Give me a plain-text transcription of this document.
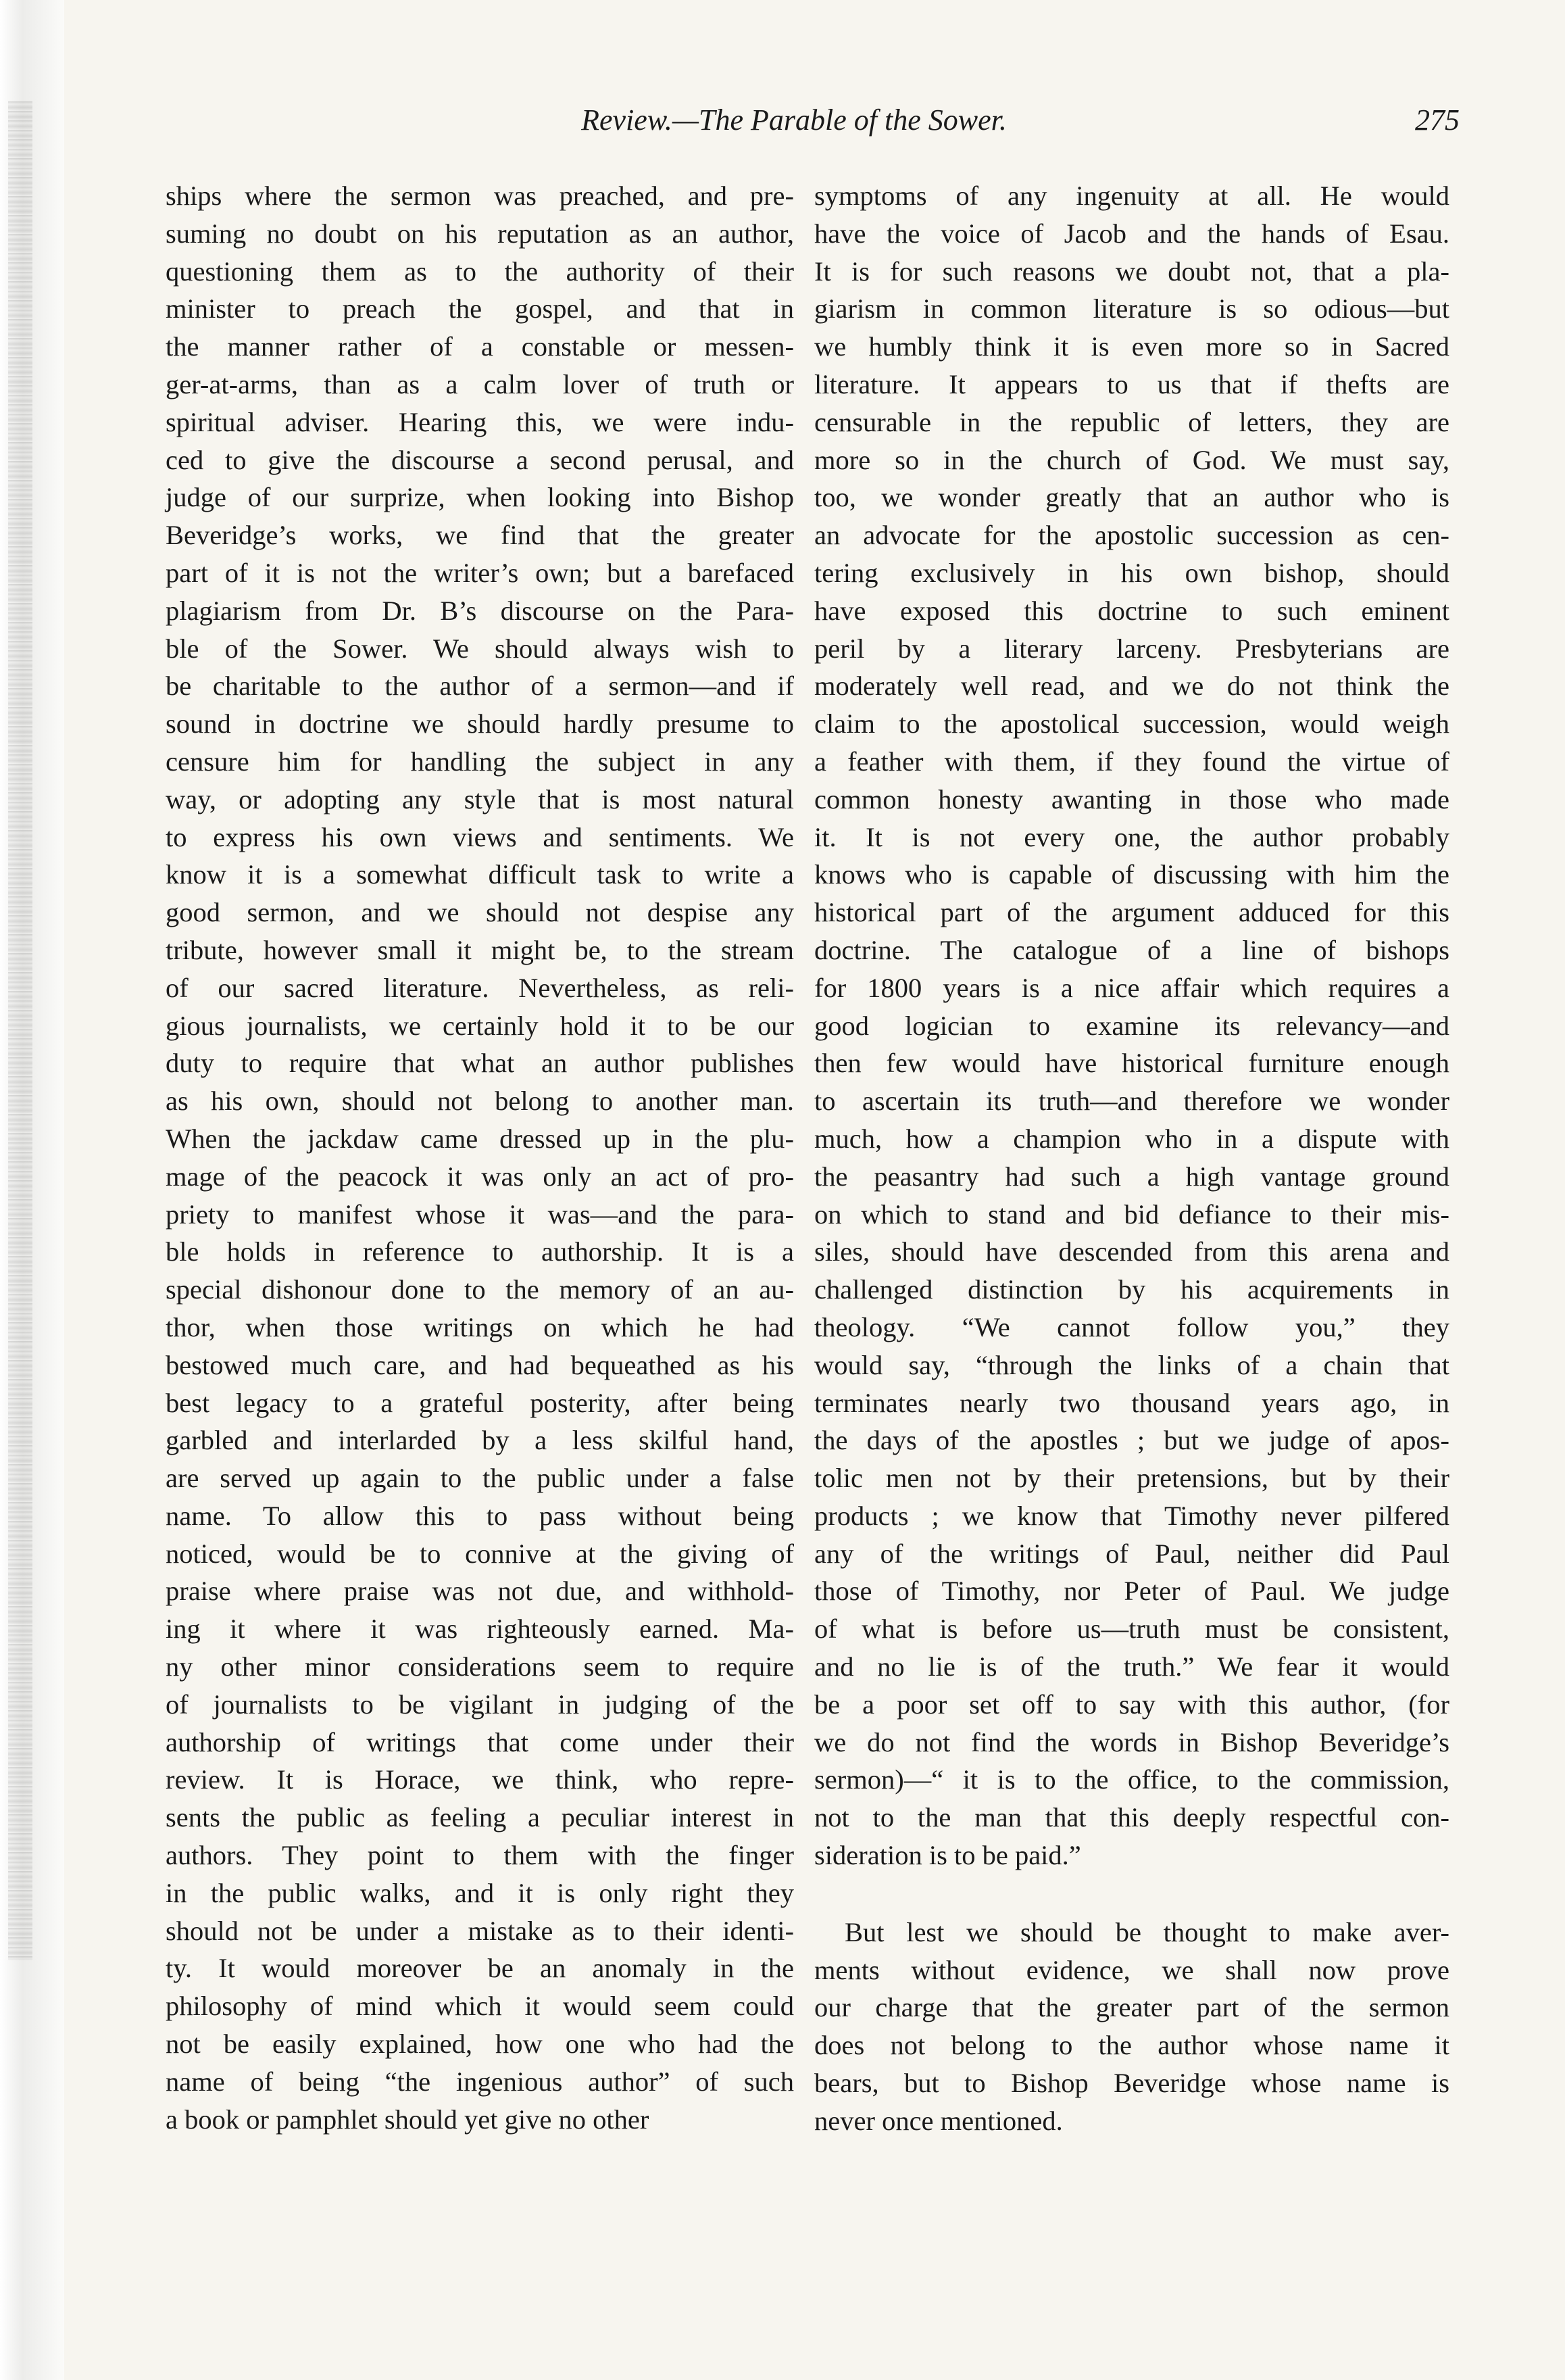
Review.—The Parable of the Sower.	275
ships where the sermon was preached, and pre-
suming no doubt on his reputation as an author,
questioning them as to the authority of their
minister to preach the gospel, and that in
the manner rather of a constable or messen-
ger-at-arms, than as a calm lover of truth or
spiritual adviser. Hearing this, we were indu-
ced to give the discourse a second perusal, and
judge of our surprize, when looking into Bishop
Beveridge’s works, we find that the greater
part of it is not the writer’s own; but a barefaced
plagiarism from Dr. B’s discourse on the Para-
ble of the Sower. We should always wish to
be charitable to the author of a sermon—and if
sound in doctrine we should hardly presume to
censure him for handling the subject in any
way, or adopting any style that is most natural
to express his own views and sentiments. We
know it is a somewhat difficult task to write a
good sermon, and we should not despise any
tribute, however small it might be, to the stream
of our sacred literature. Nevertheless, as reli-
gious journalists, we certainly hold it to be our
duty to require that what an author publishes
as his own, should not belong to another man.
When the jackdaw came dressed up in the plu-
mage of the peacock it was only an act of pro-
priety to manifest whose it was—and the para-
ble holds in reference to authorship. It is a
special dishonour done to the memory of an au-
thor, when those writings on which he had
bestowed much care, and had bequeathed as his
best legacy to a grateful posterity, after being
garbled and interlarded by a less skilful hand,
are served up again to the public under a false
name. To allow this to pass without being
noticed, would be to connive at the giving of
praise where praise was not due, and withhold-
ing it where it was righteously earned. Ma-
ny other minor considerations seem to require
of journalists to be vigilant in judging of the
authorship of writings that come under their
review. It is Horace, we think, who repre-
sents the public as feeling a peculiar interest in
authors. They point to them with the finger
in the public walks, and it is only right they
should not be under a mistake as to their identi-
ty. It would moreover be an anomaly in the
philosophy of mind which it would seem could
not be easily explained, how one who had the
name of being “the ingenious author” of such
a book or pamphlet should yet give no other
symptoms of any ingenuity at all. He would
have the voice of Jacob and the hands of Esau.
It is for such reasons we doubt not, that a pla-
giarism in common literature is so odious—but
we humbly think it is even more so in Sacred
literature. It appears to us that if thefts are
censurable in the republic of letters, they are
more so in the church of God. We must say,
too, we wonder greatly that an author who is
an advocate for the apostolic succession as cen-
tering exclusively in his own bishop, should
have exposed this doctrine to such eminent
peril by a literary larceny. Presbyterians are
moderately well read, and we do not think the
claim to the apostolical succession, would weigh
a feather with them, if they found the virtue of
common honesty awanting in those who made
it. It is not every one, the author probably
knows who is capable of discussing with him the
historical part of the argument adduced for this
doctrine. The catalogue of a line of bishops
for 1800 years is a nice affair which requires a
good logician to examine its relevancy—and
then few would have historical furniture enough
to ascertain its truth—and therefore we wonder
much, how a champion who in a dispute with
the peasantry had such a high vantage ground
on which to stand and bid defiance to their mis-
siles, should have descended from this arena and
challenged distinction by his acquirements in
theology. “We cannot follow you,” they
would say, “through the links of a chain that
terminates nearly two thousand years ago, in
the days of the apostles ; but we judge of apos-
tolic men not by their pretensions, but by their
products ; we know that Timothy never pilfered
any of the writings of Paul, neither did Paul
those of Timothy, nor Peter of Paul. We judge
of what is before us—truth must be consistent,
and no lie is of the truth.” We fear it would
be a poor set off to say with this author, (for
we do not find the words in Bishop Beveridge’s
sermon)—“ it is to the office, to the commission,
not to the man that this deeply respectful con-
sideration is to be paid.”
But lest we should be thought to make aver-
ments without evidence, we shall now prove
our charge that the greater part of the sermon
does not belong to the author whose name it
bears, but to Bishop Beveridge whose name is
never once mentioned.
